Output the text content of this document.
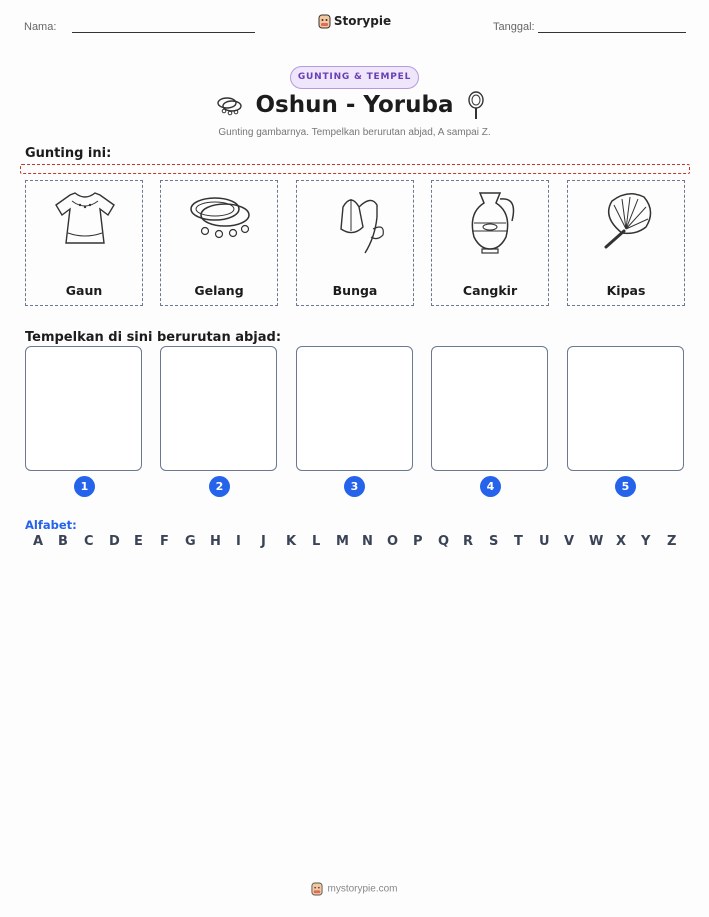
Nama:	Storypie	Tanggal:
GUNTING & TEMPEL
Oshun - Yoruba
Gunting gambarnya. Tempelkan berurutan abjad, A sampai Z.
Gunting ini:
Gaun	Gelang	Bunga	Cangkir	Kipas
Tempelkan di sini berurutan abjad:
1	2	3	4	5
Alfabet:
A B C D E F G H I J K L M N O P Q R S T U V W X Y Z
mystorypie.com
